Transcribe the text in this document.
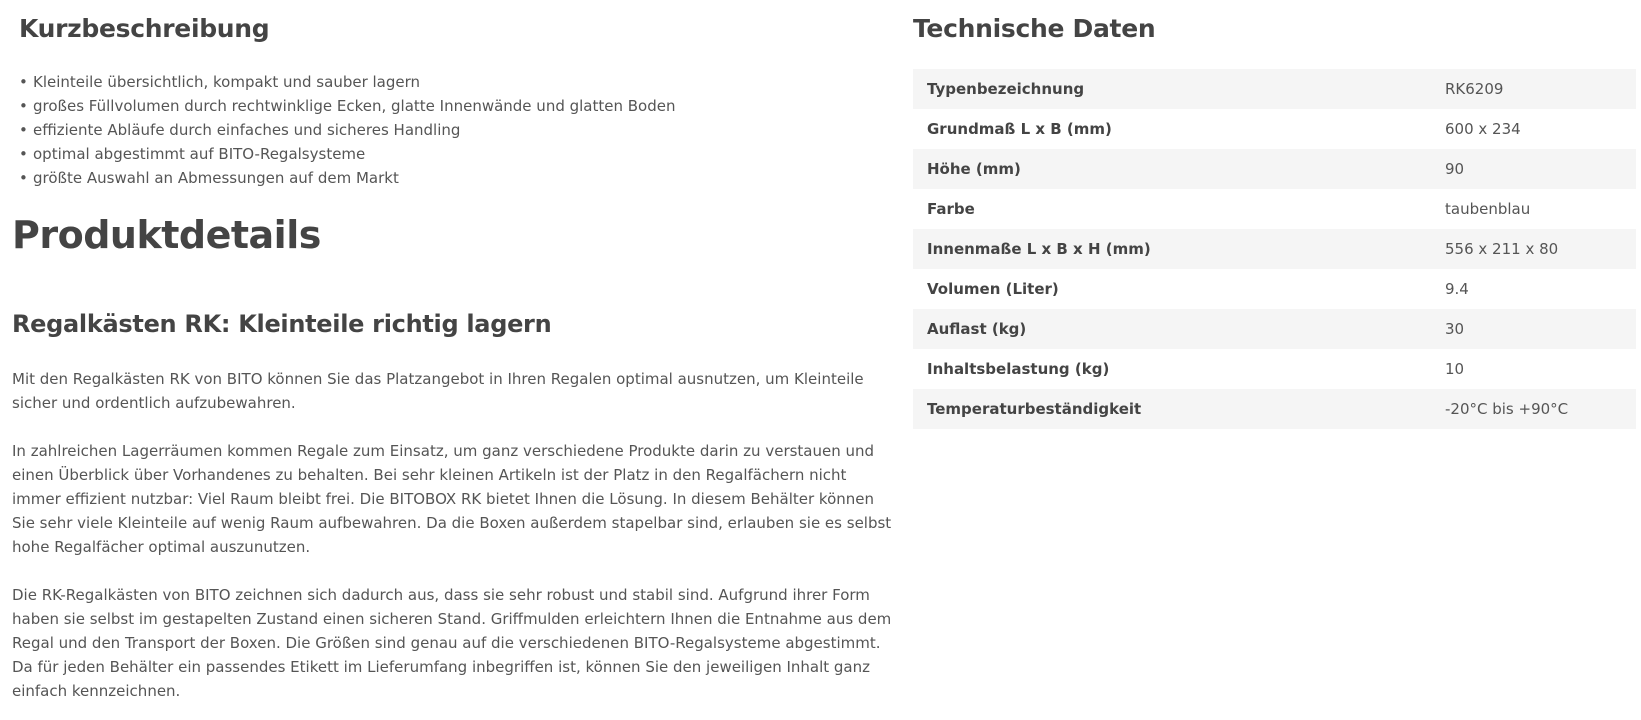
Kurzbeschreibung
• Kleinteile übersichtlich, kompakt und sauber lagern
• großes Füllvolumen durch rechtwinklige Ecken, glatte Innenwände und glatten Boden
• effiziente Abläufe durch einfaches und sicheres Handling
• optimal abgestimmt auf BITO-Regalsysteme
• größte Auswahl an Abmessungen auf dem Markt
Produktdetails
Regalkästen RK: Kleinteile richtig lagern

Mit den Regalkästen RK von BITO können Sie das Platzangebot in Ihren Regalen optimal ausnutzen, um Kleinteile sicher und ordentlich aufzubewahren.

In zahlreichen Lagerräumen kommen Regale zum Einsatz, um ganz verschiedene Produkte darin zu verstauen und einen Überblick über Vorhandenes zu behalten. Bei sehr kleinen Artikeln ist der Platz in den Regalfächern nicht immer effizient nutzbar: Viel Raum bleibt frei. Die BITOBOX RK bietet Ihnen die Lösung. In diesem Behälter können Sie sehr viele Kleinteile auf wenig Raum aufbewahren. Da die Boxen außerdem stapelbar sind, erlauben sie es selbst hohe Regalfächer optimal auszunutzen.

Die RK-Regalkästen von BITO zeichnen sich dadurch aus, dass sie sehr robust und stabil sind. Aufgrund ihrer Form haben sie selbst im gestapelten Zustand einen sicheren Stand. Griffmulden erleichtern Ihnen die Entnahme aus dem Regal und den Transport der Boxen. Die Größen sind genau auf die verschiedenen BITO-Regalsysteme abgestimmt. Da für jeden Behälter ein passendes Etikett im Lieferumfang inbegriffen ist, können Sie den jeweiligen Inhalt ganz einfach kennzeichnen.

Technische Daten
Typenbezeichnung	RK6209
Grundmaß L x B (mm)	600 x 234
Höhe (mm)	90
Farbe	taubenblau
Innenmaße L x B x H (mm)	556 x 211 x 80
Volumen (Liter)	9.4
Auflast (kg)	30
Inhaltsbelastung (kg)	10
Temperaturbeständigkeit	-20°C bis +90°C
